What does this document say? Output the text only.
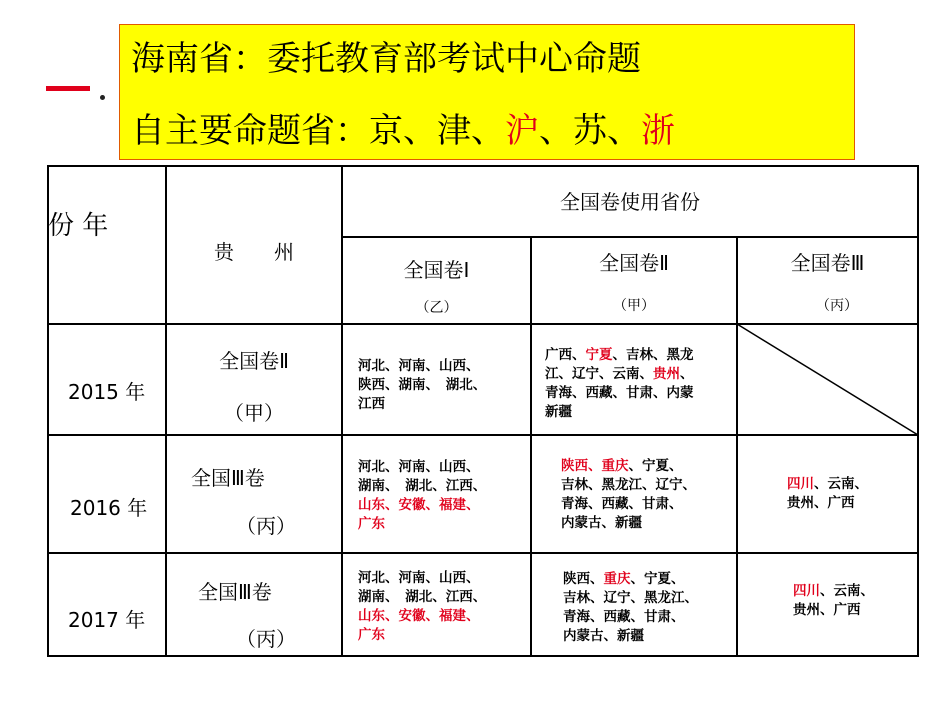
海南省：委托教育部考试中心命题
自主要命题省：京、津、沪、苏、浙
份 年
贵　　州
全国卷使用省份
全国卷Ⅰ
（乙）
全国卷Ⅱ
（甲）
全国卷Ⅲ
（丙）
2015 年
全国卷Ⅱ
（甲）
河北、河南、山西、
陕西、湖南、　湖北、
江西
广西、宁夏、吉林、黑龙
江、辽宁、云南、贵州、
青海、西藏、甘肃、内蒙
新疆
2016 年
全国Ⅲ卷
（丙）
河北、河南、山西、
湖南、　湖北、江西、
山东、安徽、福建、
广东
陕西、重庆、宁夏、
吉林、黑龙江、辽宁、
青海、西藏、甘肃、
内蒙古、新疆
四川、云南、
贵州、广西
2017 年
全国Ⅲ卷
（丙）
河北、河南、山西、
湖南、　湖北、江西、
山东、安徽、福建、
广东
陕西、重庆、宁夏、
吉林、辽宁、黑龙江、
青海、西藏、甘肃、
内蒙古、新疆
四川、云南、
贵州、广西
